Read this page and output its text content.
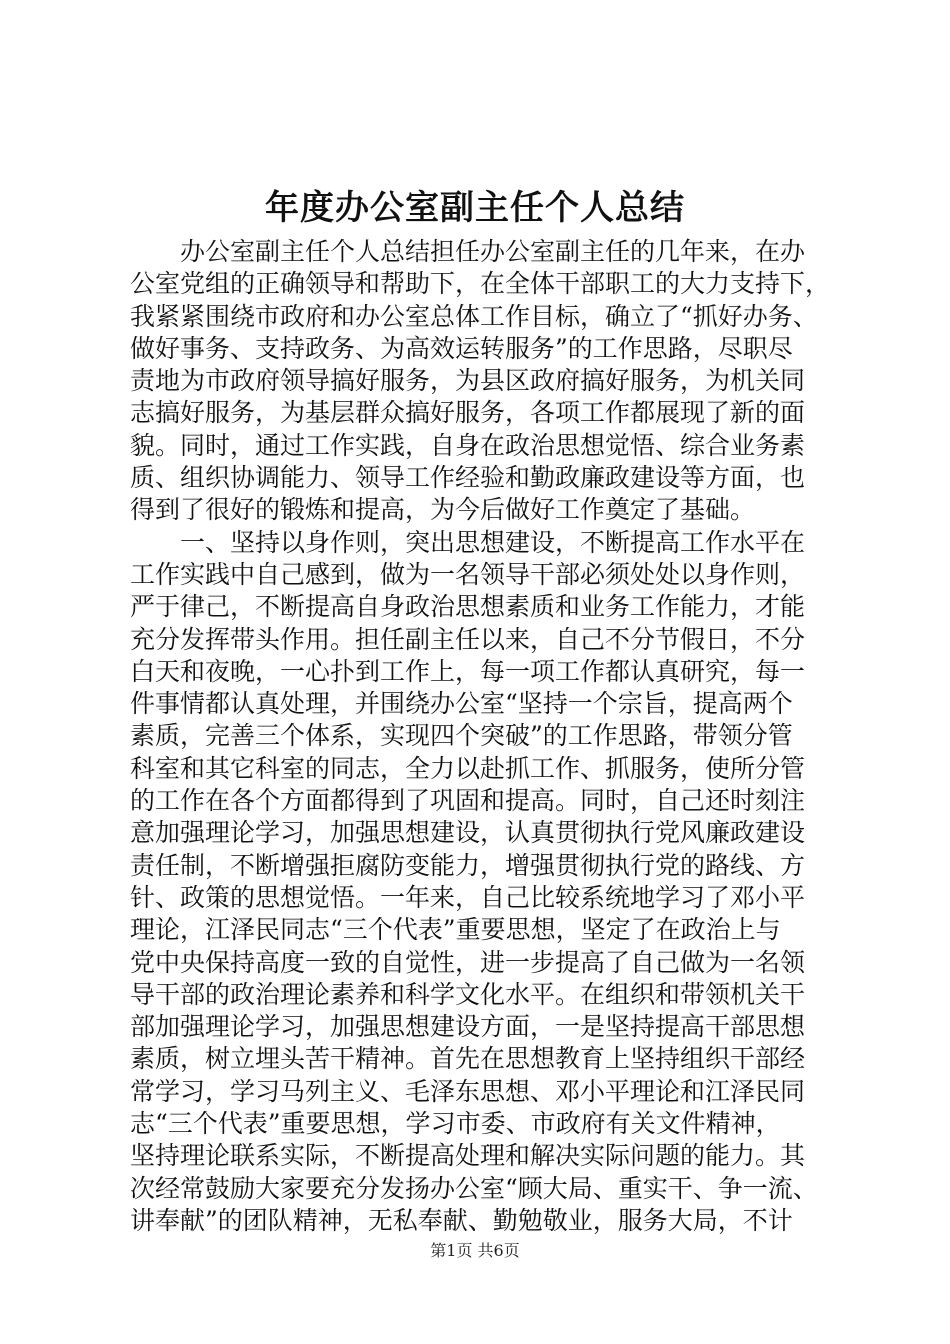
年度办公室副主任个人总结
办公室副主任个人总结担任办公室副主任的几年来，在办
公室党组的正确领导和帮助下，在全体干部职工的大力支持下，
我紧紧围绕市政府和办公室总体工作目标，确立了“抓好办务、
做好事务、支持政务、为高效运转服务”的工作思路，尽职尽
责地为市政府领导搞好服务，为县区政府搞好服务，为机关同
志搞好服务，为基层群众搞好服务，各项工作都展现了新的面
貌。同时，通过工作实践，自身在政治思想觉悟、综合业务素
质、组织协调能力、领导工作经验和勤政廉政建设等方面，也
得到了很好的锻炼和提高，为今后做好工作奠定了基础。
一、坚持以身作则，突出思想建设，不断提高工作水平在
工作实践中自己感到，做为一名领导干部必须处处以身作则，
严于律己，不断提高自身政治思想素质和业务工作能力，才能
充分发挥带头作用。担任副主任以来，自己不分节假日，不分
白天和夜晚，一心扑到工作上，每一项工作都认真研究，每一
件事情都认真处理，并围绕办公室“坚持一个宗旨，提高两个
素质，完善三个体系，实现四个突破”的工作思路，带领分管
科室和其它科室的同志，全力以赴抓工作、抓服务，使所分管
的工作在各个方面都得到了巩固和提高。同时，自己还时刻注
意加强理论学习，加强思想建设，认真贯彻执行党风廉政建设
责任制，不断增强拒腐防变能力，增强贯彻执行党的路线、方
针、政策的思想觉悟。一年来，自己比较系统地学习了邓小平
理论，江泽民同志“三个代表”重要思想，坚定了在政治上与
党中央保持高度一致的自觉性，进一步提高了自己做为一名领
导干部的政治理论素养和科学文化水平。在组织和带领机关干
部加强理论学习，加强思想建设方面，一是坚持提高干部思想
素质，树立埋头苦干精神。首先在思想教育上坚持组织干部经
常学习，学习马列主义、毛泽东思想、邓小平理论和江泽民同
志“三个代表”重要思想，学习市委、市政府有关文件精神，
坚持理论联系实际，不断提高处理和解决实际问题的能力。其
次经常鼓励大家要充分发扬办公室“顾大局、重实干、争一流、
讲奉献”的团队精神，无私奉献、勤勉敬业，服务大局，不计
第1页 共6页
